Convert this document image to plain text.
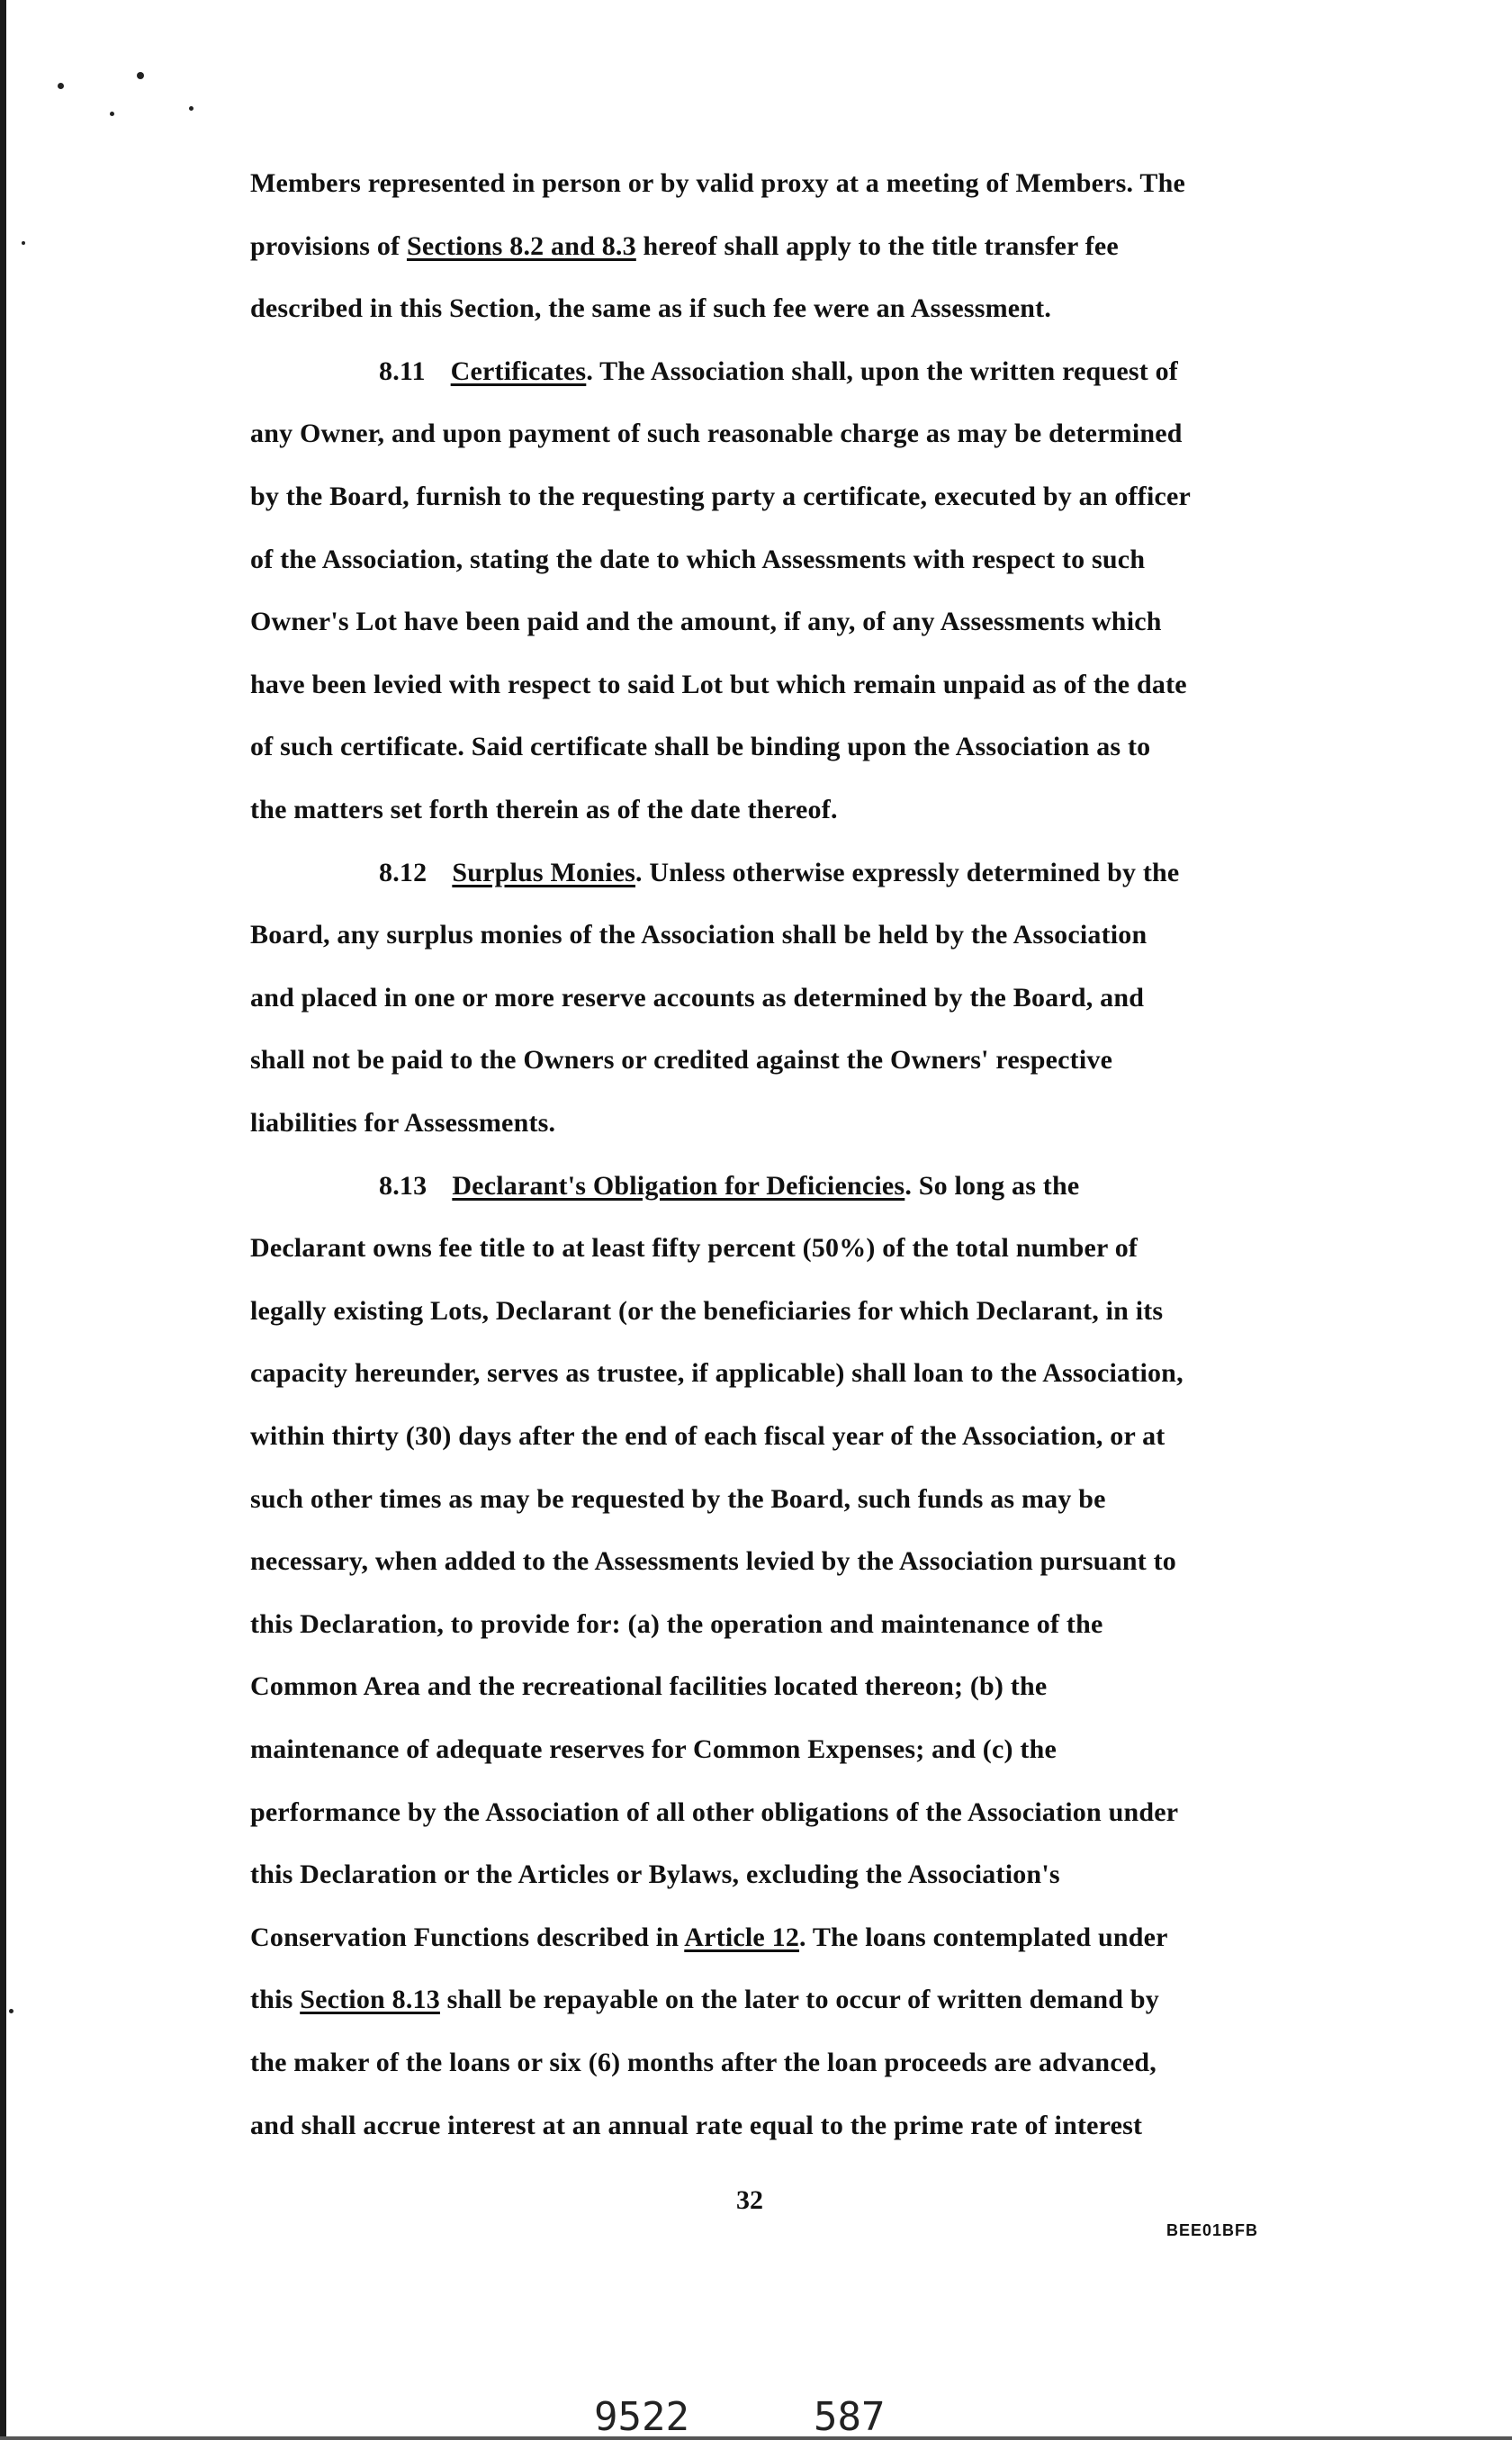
Members represented in person or by valid proxy at a meeting of Members. The
provisions of Sections 8.2 and 8.3 hereof shall apply to the title transfer fee
described in this Section, the same as if such fee were an Assessment.
8.11 Certificates. The Association shall, upon the written request of
any Owner, and upon payment of such reasonable charge as may be determined
by the Board, furnish to the requesting party a certificate, executed by an officer
of the Association, stating the date to which Assessments with respect to such
Owner's Lot have been paid and the amount, if any, of any Assessments which
have been levied with respect to said Lot but which remain unpaid as of the date
of such certificate. Said certificate shall be binding upon the Association as to
the matters set forth therein as of the date thereof.
8.12 Surplus Monies. Unless otherwise expressly determined by the
Board, any surplus monies of the Association shall be held by the Association
and placed in one or more reserve accounts as determined by the Board, and
shall not be paid to the Owners or credited against the Owners' respective
liabilities for Assessments.
8.13 Declarant's Obligation for Deficiencies. So long as the
Declarant owns fee title to at least fifty percent (50%) of the total number of
legally existing Lots, Declarant (or the beneficiaries for which Declarant, in its
capacity hereunder, serves as trustee, if applicable) shall loan to the Association,
within thirty (30) days after the end of each fiscal year of the Association, or at
such other times as may be requested by the Board, such funds as may be
necessary, when added to the Assessments levied by the Association pursuant to
this Declaration, to provide for: (a) the operation and maintenance of the
Common Area and the recreational facilities located thereon; (b) the
maintenance of adequate reserves for Common Expenses; and (c) the
performance by the Association of all other obligations of the Association under
this Declaration or the Articles or Bylaws, excluding the Association's
Conservation Functions described in Article 12. The loans contemplated under
this Section 8.13 shall be repayable on the later to occur of written demand by
the maker of the loans or six (6) months after the loan proceeds are advanced,
and shall accrue interest at an annual rate equal to the prime rate of interest
32
BEE01BFB
9522	587
